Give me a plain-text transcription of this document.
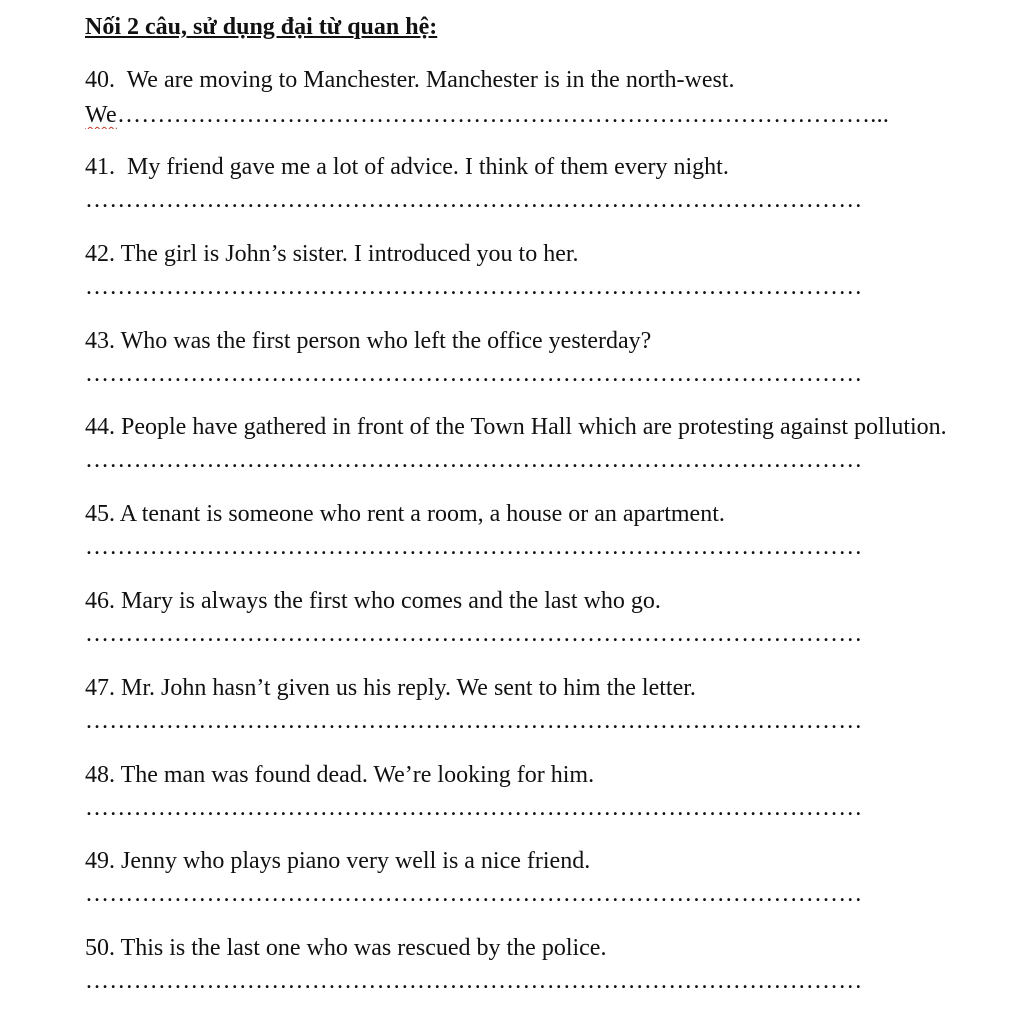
Nối 2 câu, sử dụng đại từ quan hệ:
40. We are moving to Manchester. Manchester is in the north-west.
We…………………………………………………………………………………...
41. My friend gave me a lot of advice. I think of them every night.
……………………………………………………………………………………
42. The girl is John’s sister. I introduced you to her.
……………………………………………………………………………………
43. Who was the first person who left the office yesterday?
……………………………………………………………………………………
44. People have gathered in front of the Town Hall which are protesting against pollution.
……………………………………………………………………………………
45. A tenant is someone who rent a room, a house or an apartment.
……………………………………………………………………………………
46. Mary is always the first who comes and the last who go.
……………………………………………………………………………………
47. Mr. John hasn’t given us his reply. We sent to him the letter.
……………………………………………………………………………………
48. The man was found dead. We’re looking for him.
……………………………………………………………………………………
49. Jenny who plays piano very well is a nice friend.
……………………………………………………………………………………
50. This is the last one who was rescued by the police.
……………………………………………………………………………………
